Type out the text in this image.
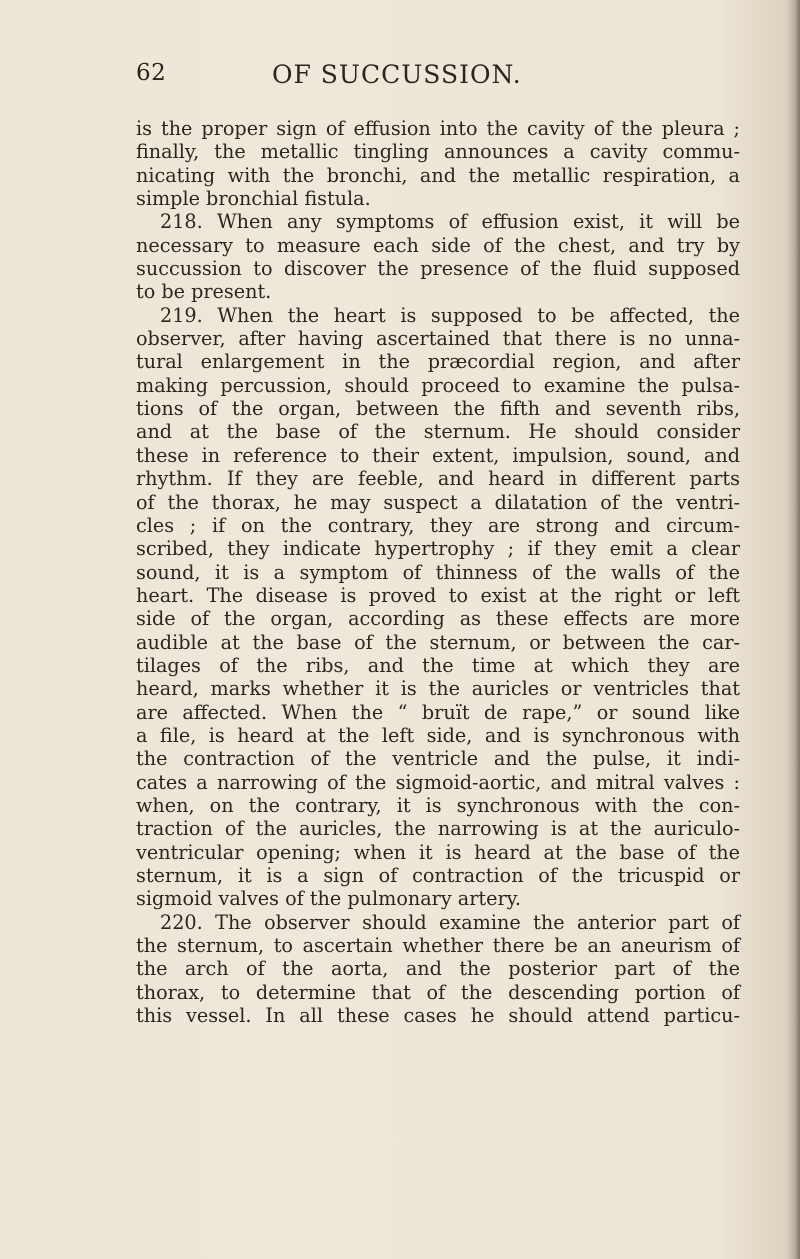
62	OF SUCCUSSION.
is the proper sign of effusion into the cavity of the pleura ;
finally, the metallic tingling announces a cavity commu-
nicating with the bronchi, and the metallic respiration, a
simple bronchial fistula.
218. When any symptoms of effusion exist, it will be
necessary to measure each side of the chest, and try by
succussion to discover the presence of the fluid supposed
to be present.
219. When the heart is supposed to be affected, the
observer, after having ascertained that there is no unna-
tural enlargement in the præcordial region, and after
making percussion, should proceed to examine the pulsa-
tions of the organ, between the fifth and seventh ribs,
and at the base of the sternum. He should consider
these in reference to their extent, impulsion, sound, and
rhythm. If they are feeble, and heard in different parts
of the thorax, he may suspect a dilatation of the ventri-
cles ; if on the contrary, they are strong and circum-
scribed, they indicate hypertrophy ; if they emit a clear
sound, it is a symptom of thinness of the walls of the
heart. The disease is proved to exist at the right or left
side of the organ, according as these effects are more
audible at the base of the sternum, or between the car-
tilages of the ribs, and the time at which they are
heard, marks whether it is the auricles or ventricles that
are affected. When the “ bruït de rape,” or sound like
a file, is heard at the left side, and is synchronous with
the contraction of the ventricle and the pulse, it indi-
cates a narrowing of the sigmoid-aortic, and mitral valves :
when, on the contrary, it is synchronous with the con-
traction of the auricles, the narrowing is at the auriculo-
ventricular opening; when it is heard at the base of the
sternum, it is a sign of contraction of the tricuspid or
sigmoid valves of the pulmonary artery.
220. The observer should examine the anterior part of
the sternum, to ascertain whether there be an aneurism of
the arch of the aorta, and the posterior part of the
thorax, to determine that of the descending portion of
this vessel. In all these cases he should attend particu-
